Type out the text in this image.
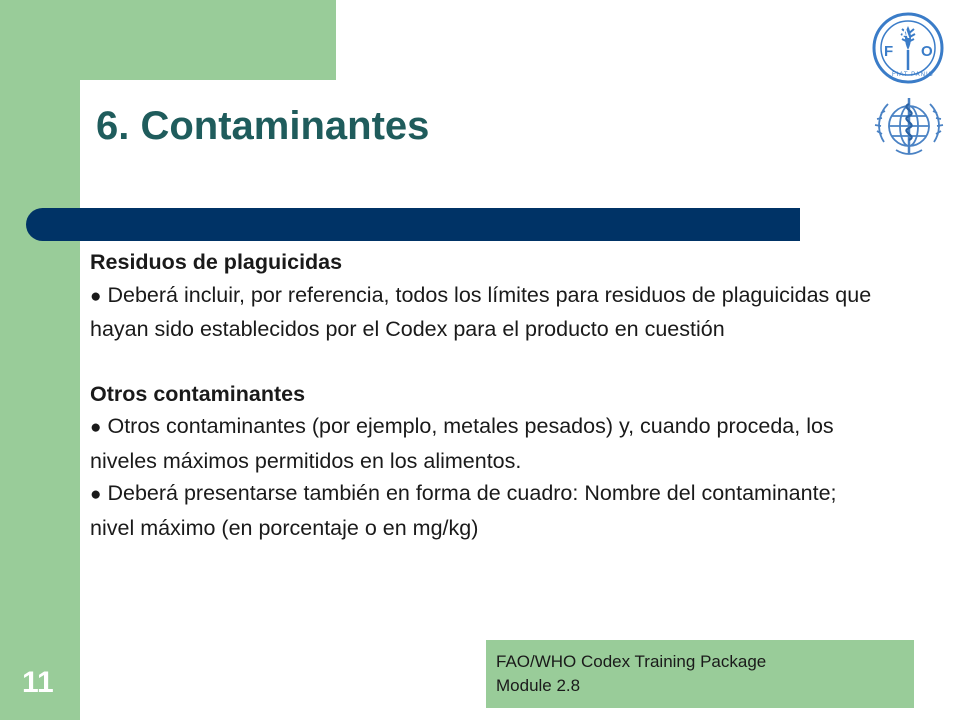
6. Contaminantes
F
A
O
FIAT PANIS

Residuos de plaguicidas

● Deberá incluir, por referencia, todos los límites para residuos de plaguicidas que hayan sido establecidos por el Codex para el producto en cuestión

Otros contaminantes

● Otros contaminantes (por ejemplo, metales pesados) y, cuando proceda, los niveles máximos permitidos en los alimentos.

● Deberá presentarse también en forma de cuadro: Nombre del contaminante; nivel máximo (en porcentaje o en mg/kg)

FAO/WHO Codex Training Package
Module 2.8
11
